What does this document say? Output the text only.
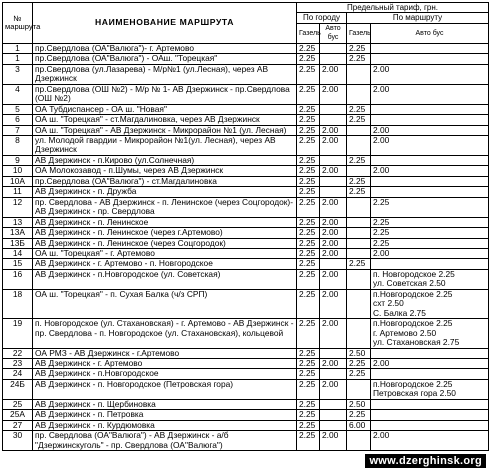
№ маршрута	НАИМЕНОВАНИЕ МАРШРУТА	Предельный тариф, грн.			
		По городу		По маршруту	
		Газель	Авто бус	Газель	Авто бус
1	пр.Свердлова (ОА"Валюга")- г. Артемово	2.25		2.25	
1	пр.Свердлова (ОА"Валюга") - ОАш. "Торецкая"	2.25		2.25	
3	пр.Свердлова (ул.Лазарева) - М/р№1 (ул.Лесная), через АВ Дзержинск	2.25	2.00		2.00
4	пр.Свердлова (ОШ №2) - М/р № 1- АВ Дзержинск - пр.Свердлова (ОШ №2)	2.25	2.00		2.00
5	ОА Тубдиспансер - ОА ш. "Новая"	2.25		2.25	
6	ОА ш. "Торецкая" - ст.Магдалиновка, через АВ Дзержинск	2.25		2.25	
7	ОА ш. "Торецкая" - АВ Дзержинск - Микрорайон №1 (ул. Лесная)	2.25	2.00		2.00
8	ул. Молодой гвардии - Микрорайон №1(ул. Лесная), через АВ Дзержинск	2.25	2.00		2.00
9	АВ Дзержинск - п.Кирово (ул.Солнечная)	2.25		2.25	
10	ОА Молокозавод - п.Шумы, через АВ Дзержинск	2.25	2.00		2.00
10А	пр.Свердлова (ОА"Валюга") - ст.Магдалиновка	2.25		2.25	
11	АВ Дзержинск - п. Дружба	2.25		2.25	
12	пр. Свердлова - АВ Дзержинск - п. Ленинское (через Соцгородок)- АВ Дзержинск - пр. Свердлова	2.25	2.00		2.25
13	АВ Дзержинск - п. Ленинское	2.25	2.00		2.25
13А	АВ Дзержинск - п. Ленинское (через г.Артемово)	2.25	2.00		2.25
13Б	АВ Дзержинск - п. Ленинское (через Соцгородок)	2.25	2.00		2.25
14	ОА ш. "Торецкая" - г. Артемово	2.25	2.00		2.00
15	АВ Дзержинск - г. Артемово - п. Новгородское	2.25		2.25	
16	АВ Дзержинск - п.Новгородское (ул. Советская)	2.25	2.00		п. Новгородское 2.25
ул. Советская 2.50
18	ОА ш. "Торецкая" - п. Сухая Балка (ч/з СРП)	2.25	2.00		п.Новгородское 2.25
схт 2.50
С. Балка 2.75
19	п. Новгородское (ул. Стахановская) - г. Артемово - АВ Дзержинск - пр. Свердлова - п. Новгородское (ул. Стахановская), кольцевой	2.25	2.00		п.Новгородское 2.25
г. Артемово 2.50
ул. Стахановская 2.75
22	ОА РМЗ - АВ Дзержинск - г.Артемово	2.25		2.50	
23	АВ Дзержинск - г. Артемово	2.25	2.00	2.25	2.00
24	АВ Дзержинск - п.Новгородское	2.25		2.25	
24Б	АВ Дзержинск - п. Новгородское (Петровская гора)	2.25	2.00		п.Новгородское 2.25
Петровская гора 2.50
25	АВ Дзержинск - п. Щербиновка	2.25		2.50	
25А	АВ Дзержинск - п. Петровка	2.25		2.25	
27	АВ Дзержинск - п. Курдюмовка	2.25		6.00	
30	пр. Свердлова (ОА"Валюга") - АВ Дзержинск - а/б "Дзержинскуголь" - пр. Свердлова (ОА"Валюга")	2.25	2.00		2.00
www.dzerghinsk.org
